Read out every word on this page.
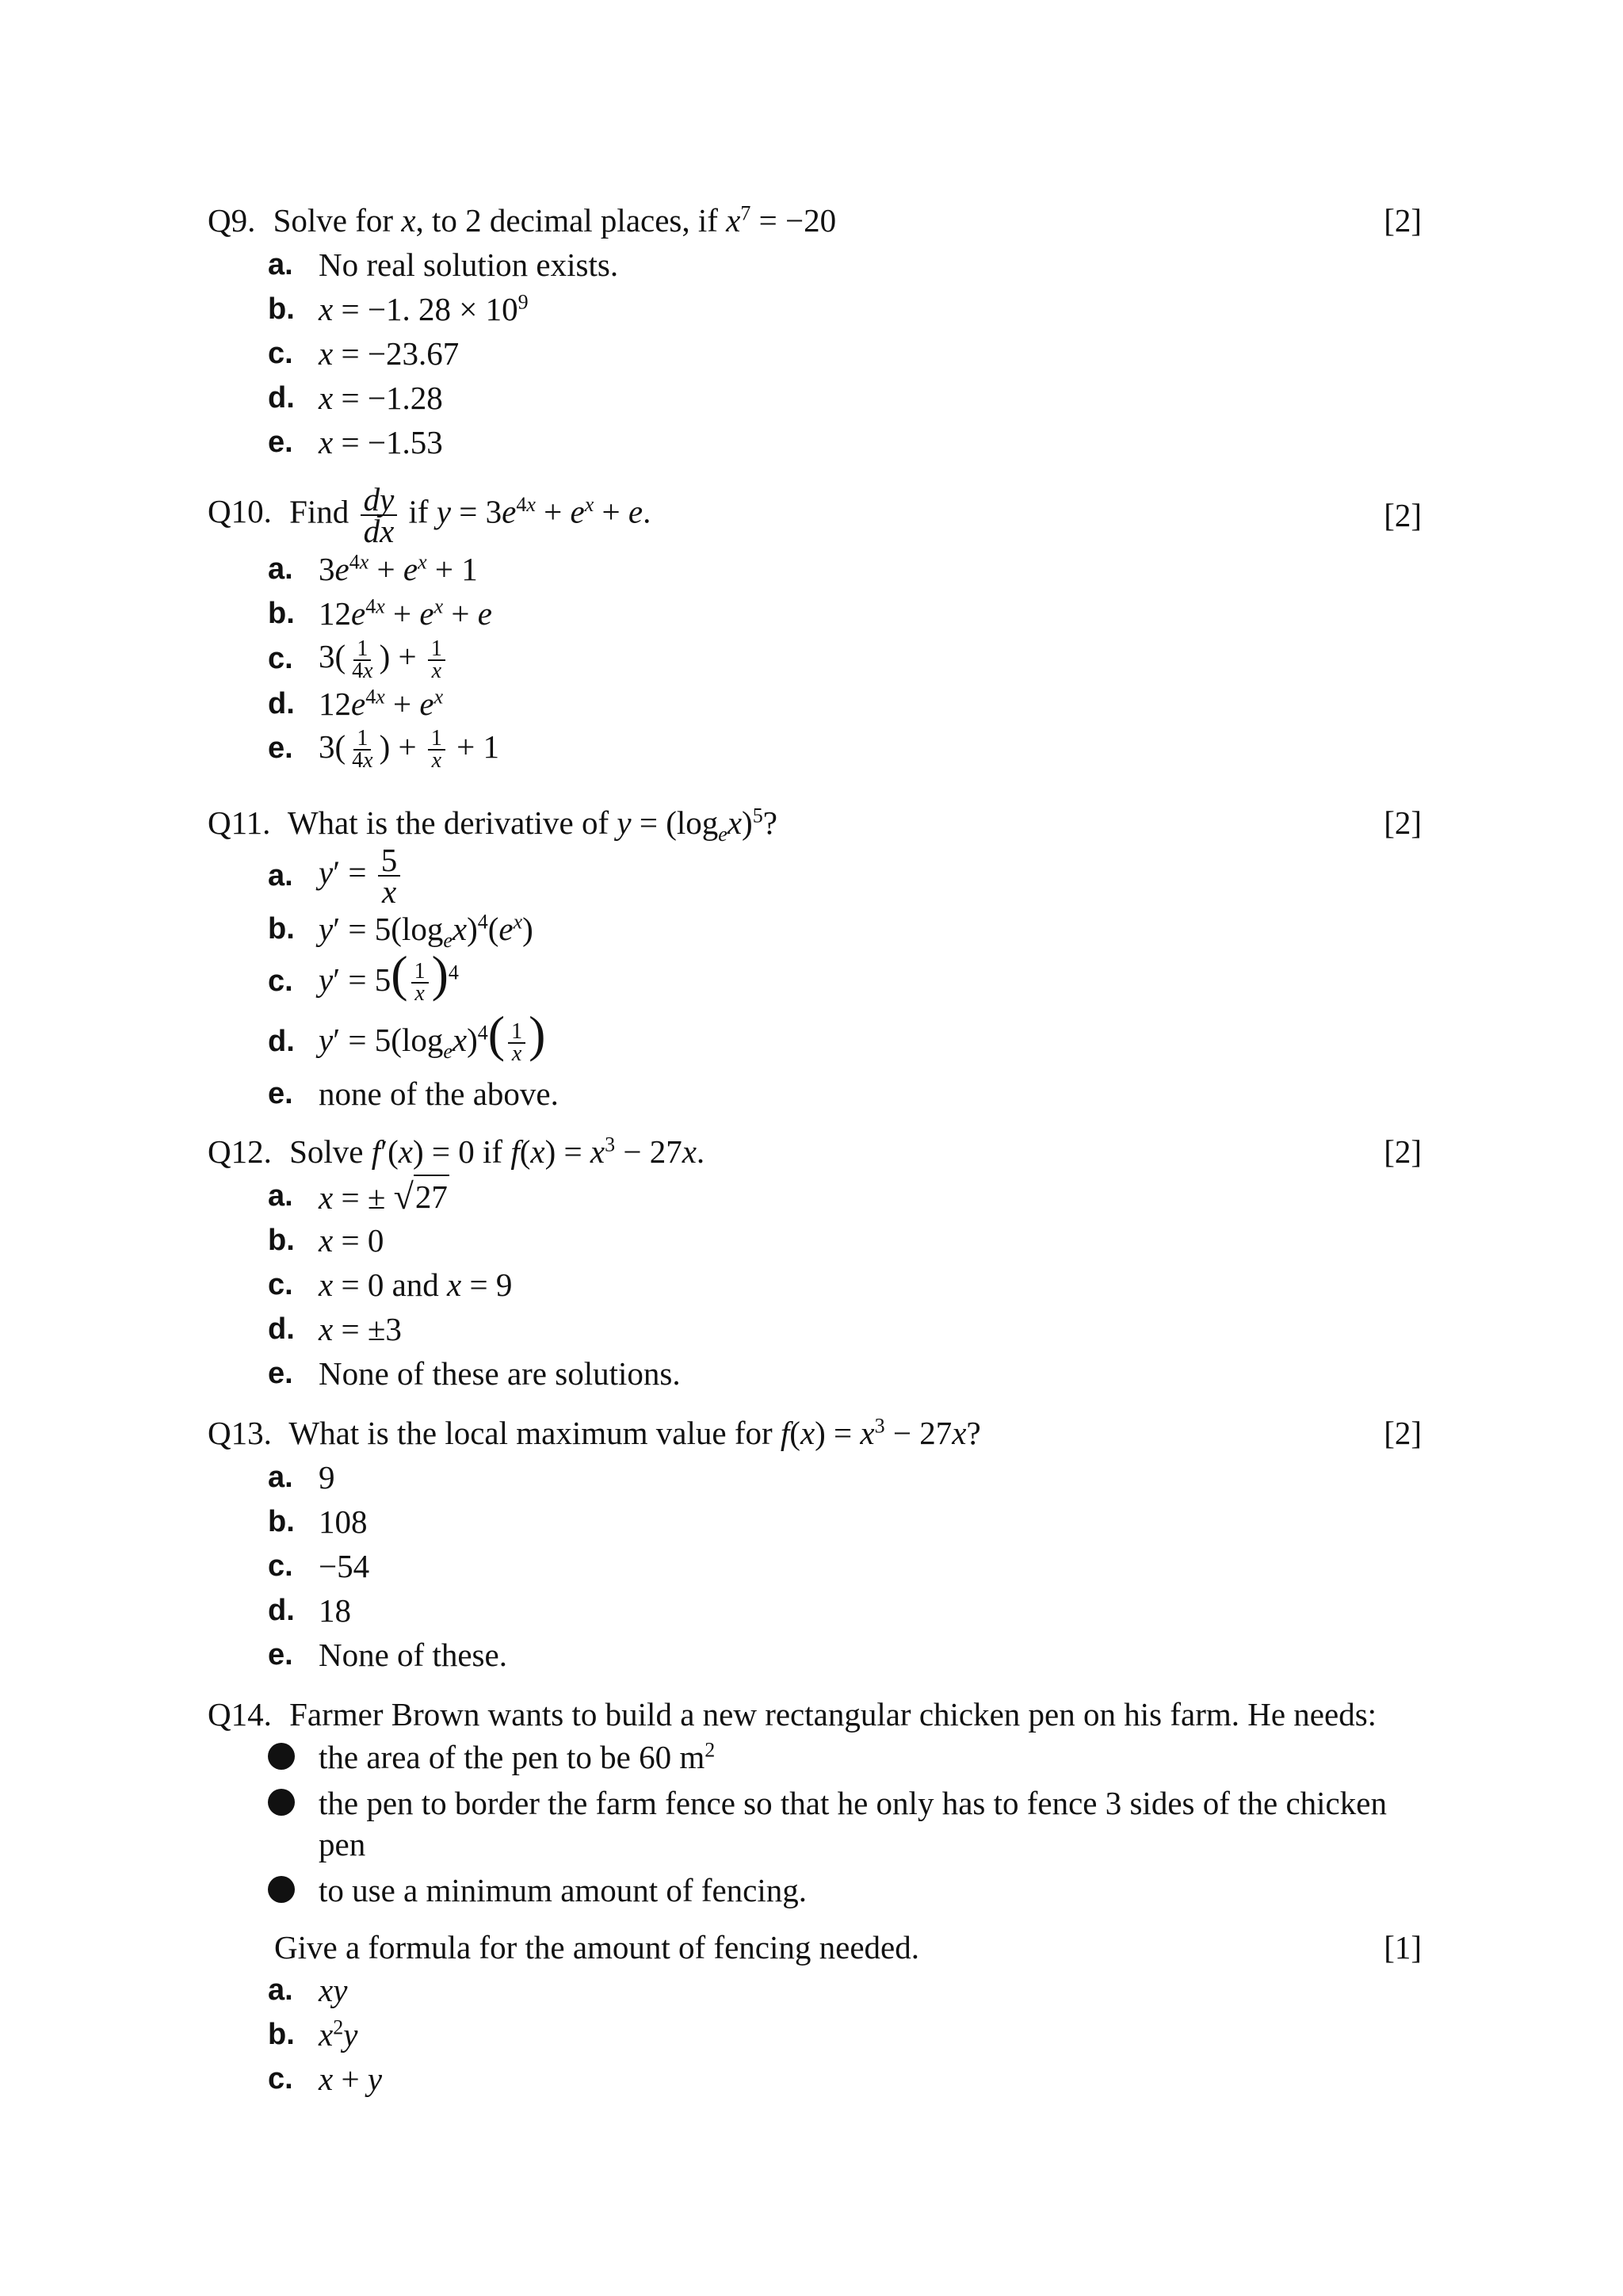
Q9. Solve for x, to 2 decimal places, if $x^7 = -20$	[2]
a. No real solution exists.
b. x = −1. $28 \times 10^9$
c. x = −23.67
d. x = −1.28
e. x = −1.53
Q10. Find $\frac{dy}{dx}$ if $y = 3e^{4x} + e^x + e$.	[2]
a. $3e^{4x} + e^x + 1$
b. $12e^{4x} + e^x + e$
c. $3( \frac{1}{4x}$ ) + $\frac{1}{x}$
d. $12e^{4x} + e^x$
e. $3( \frac{1}{4x}$ ) + $\frac{1}{x} + 1$
Q11. What is the derivative of $y = (\log_ex)^5$?	[2]
a. $y' = \frac{5}{x}$
b. $y' = 5(\log_ex)^4(e^x)$
c. $y' = 5( \frac{1}{x} )^4$
d. $y' = 5(\log_ex)^4( \frac{1}{x}$ )
e. none of the above.
Q12. Solve f′(x) = 0 if $f(x) = x^3 - 27x$.	[2]
a. x = ± √ 27
b. x = 0
c. x = 0 and x = 9
d. x = ±3
e. None of these are solutions.
Q13. What is the local maximum value for $f(x) = x^3 - 27x$?	[2]
a. 9
b. 108
c. −54
d. 18
e. None of these.
Q14. Farmer Brown wants to build a new rectangular chicken pen on his farm. He needs:
the area of the pen to be 60 $m^2$
the pen to border the farm fence so that he only has to fence 3 sides of the chicken pen
to use a minimum amount of fencing.
Give a formula for the amount of fencing needed.	[1]
a. xy
b. $x^2y$
c. x + y
